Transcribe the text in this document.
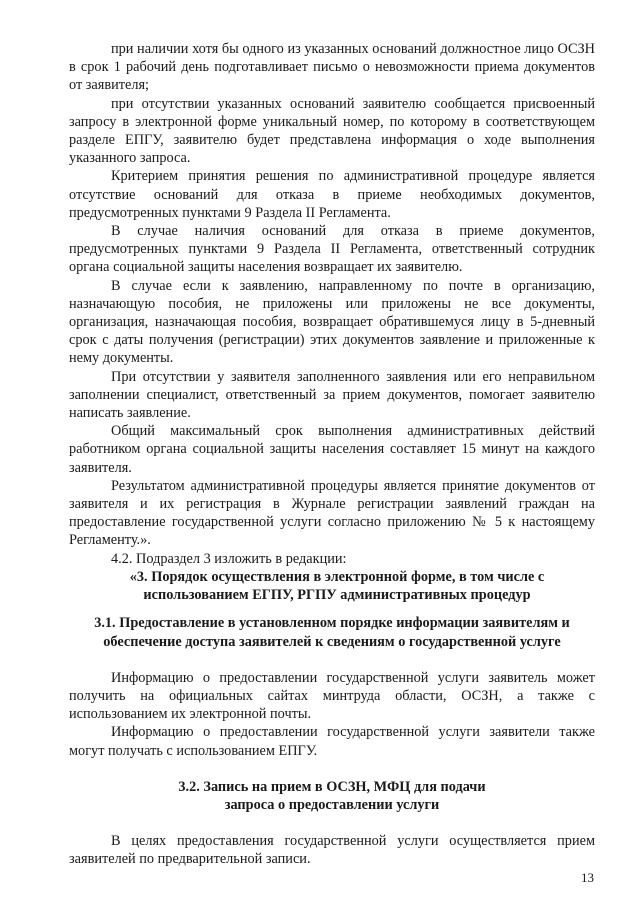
при наличии хотя бы одного из указанных оснований должностное лицо ОСЗН в срок 1 рабочий день подготавливает письмо о невозможности приема документов от заявителя;

при отсутствии указанных оснований заявителю сообщается присвоенный запросу в электронной форме уникальный номер, по которому в соответствующем разделе ЕПГУ, заявителю будет представлена информация о ходе выполнения указанного запроса.

Критерием принятия решения по административной процедуре является отсутствие оснований для отказа в приеме необходимых документов, предусмотренных пунктами 9 Раздела II Регламента.

В случае наличия оснований для отказа в приеме документов, предусмотренных пунктами 9 Раздела II Регламента, ответственный сотрудник органа социальной защиты населения возвращает их заявителю.

В случае если к заявлению, направленному по почте в организацию, назначающую пособия, не приложены или приложены не все документы, организация, назначающая пособия, возвращает обратившемуся лицу в 5-дневный срок с даты получения (регистрации) этих документов заявление и приложенные к нему документы.

При отсутствии у заявителя заполненного заявления или его неправильном заполнении специалист, ответственный за прием документов, помогает заявителю написать заявление.

Общий максимальный срок выполнения административных действий работником органа социальной защиты населения составляет 15 минут на каждого заявителя.

Результатом административной процедуры является принятие документов от заявителя и их регистрация в Журнале регистрации заявлений граждан на предоставление государственной услуги согласно приложению № 5 к настоящему Регламенту.».

4.2. Подраздел 3 изложить в редакции:

«3. Порядок осуществления в электронной форме, в том числе с
использованием ЕГПУ, РГПУ административных процедур
3.1. Предоставление в установленном порядке информации заявителям и
обеспечение доступа заявителей к сведениям о государственной услуге

Информацию о предоставлении государственной услуги заявитель может получить на официальных сайтах минтруда области, ОСЗН, а также с использованием их электронной почты.

Информацию о предоставлении государственной услуги заявители также могут получать с использованием ЕПГУ.

3.2. Запись на прием в ОСЗН, МФЦ для подачи
запроса о предоставлении услуги

В целях предоставления государственной услуги осуществляется прием заявителей по предварительной записи.

13
